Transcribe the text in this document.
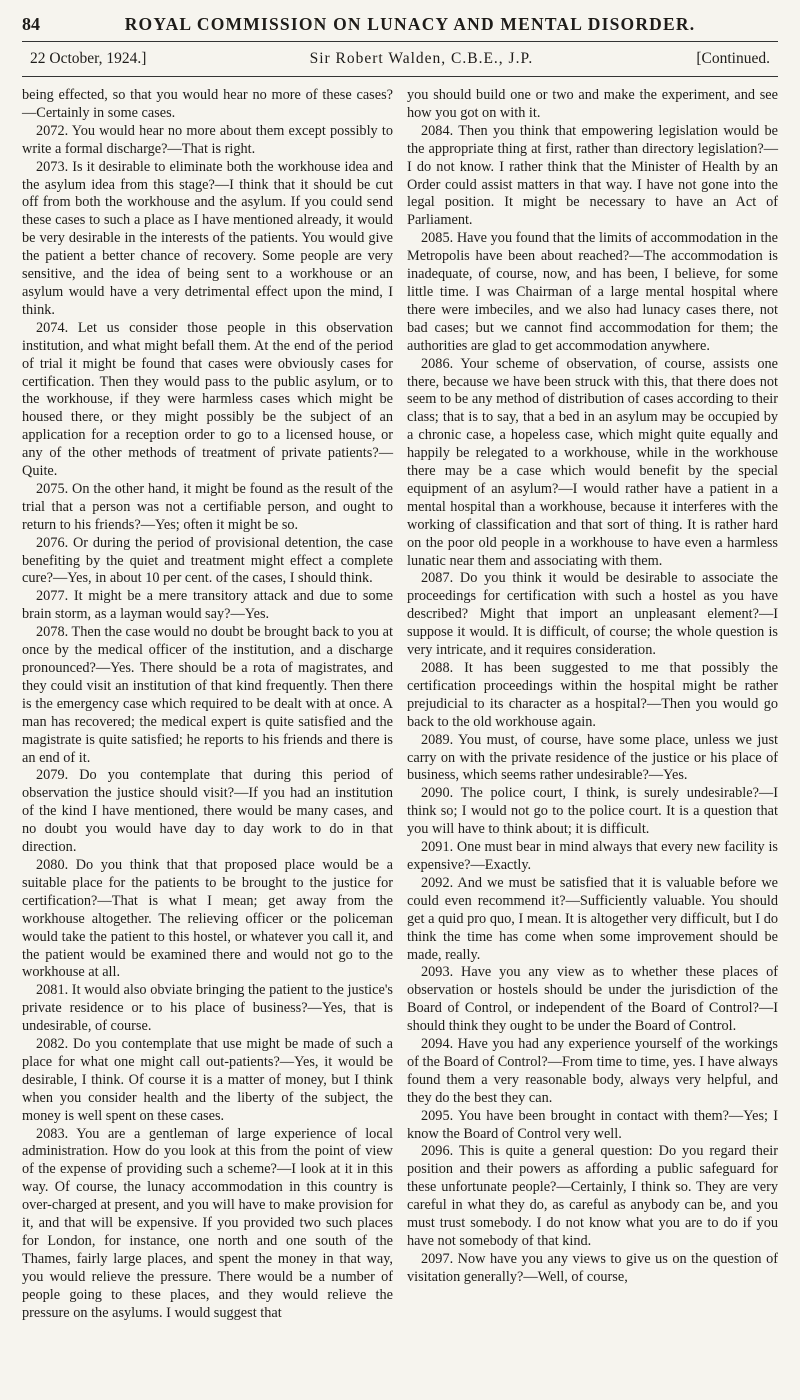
84	ROYAL COMMISSION ON LUNACY AND MENTAL DISORDER.
22 October, 1924.]	Sir Robert Walden, C.B.E., J.P.	[Continued.

being effected, so that you would hear no more of these cases?—Certainly in some cases.

2072. You would hear no more about them except possibly to write a formal discharge?—That is right.

2073. Is it desirable to eliminate both the workhouse idea and the asylum idea from this stage?—I think that it should be cut off from both the workhouse and the asylum. If you could send these cases to such a place as I have mentioned already, it would be very desirable in the interests of the patients. You would give the patient a better chance of recovery. Some people are very sensitive, and the idea of being sent to a workhouse or an asylum would have a very detrimental effect upon the mind, I think.

2074. Let us consider those people in this observation institution, and what might befall them. At the end of the period of trial it might be found that cases were obviously cases for certification. Then they would pass to the public asylum, or to the workhouse, if they were harmless cases which might be housed there, or they might possibly be the subject of an application for a reception order to go to a licensed house, or any of the other methods of treatment of private patients?—Quite.

2075. On the other hand, it might be found as the result of the trial that a person was not a certifiable person, and ought to return to his friends?—Yes; often it might be so.

2076. Or during the period of provisional detention, the case benefiting by the quiet and treatment might effect a complete cure?—Yes, in about 10 per cent. of the cases, I should think.

2077. It might be a mere transitory attack and due to some brain storm, as a layman would say?—Yes.

2078. Then the case would no doubt be brought back to you at once by the medical officer of the institution, and a discharge pronounced?—Yes. There should be a rota of magistrates, and they could visit an institution of that kind frequently. Then there is the emergency case which required to be dealt with at once. A man has recovered; the medical expert is quite satisfied and the magistrate is quite satisfied; he reports to his friends and there is an end of it.

2079. Do you contemplate that during this period of observation the justice should visit?—If you had an institution of the kind I have mentioned, there would be many cases, and no doubt you would have day to day work to do in that direction.

2080. Do you think that that proposed place would be a suitable place for the patients to be brought to the justice for certification?—That is what I mean; get away from the workhouse altogether. The relieving officer or the policeman would take the patient to this hostel, or whatever you call it, and the patient would be examined there and would not go to the workhouse at all.

2081. It would also obviate bringing the patient to the justice's private residence or to his place of business?—Yes, that is undesirable, of course.

2082. Do you contemplate that use might be made of such a place for what one might call out-patients?—Yes, it would be desirable, I think. Of course it is a matter of money, but I think when you consider health and the liberty of the subject, the money is well spent on these cases.

2083. You are a gentleman of large experience of local administration. How do you look at this from the point of view of the expense of providing such a scheme?—I look at it in this way. Of course, the lunacy accommodation in this country is over-charged at present, and you will have to make provision for it, and that will be expensive. If you provided two such places for London, for instance, one north and one south of the Thames, fairly large places, and spent the money in that way, you would relieve the pressure. There would be a number of people going to these places, and they would relieve the pressure on the asylums. I would suggest that

you should build one or two and make the experiment, and see how you got on with it.

2084. Then you think that empowering legislation would be the appropriate thing at first, rather than directory legislation?—I do not know. I rather think that the Minister of Health by an Order could assist matters in that way. I have not gone into the legal position. It might be necessary to have an Act of Parliament.

2085. Have you found that the limits of accommodation in the Metropolis have been about reached?—The accommodation is inadequate, of course, now, and has been, I believe, for some little time. I was Chairman of a large mental hospital where there were imbeciles, and we also had lunacy cases there, not bad cases; but we cannot find accommodation for them; the authorities are glad to get accommodation anywhere.

2086. Your scheme of observation, of course, assists one there, because we have been struck with this, that there does not seem to be any method of distribution of cases according to their class; that is to say, that a bed in an asylum may be occupied by a chronic case, a hopeless case, which might quite equally and happily be relegated to a workhouse, while in the workhouse there may be a case which would benefit by the special equipment of an asylum?—I would rather have a patient in a mental hospital than a workhouse, because it interferes with the working of classification and that sort of thing. It is rather hard on the poor old people in a workhouse to have even a harmless lunatic near them and associating with them.

2087. Do you think it would be desirable to associate the proceedings for certification with such a hostel as you have described? Might that import an unpleasant element?—I suppose it would. It is difficult, of course; the whole question is very intricate, and it requires consideration.

2088. It has been suggested to me that possibly the certification proceedings within the hospital might be rather prejudicial to its character as a hospital?—Then you would go back to the old workhouse again.

2089. You must, of course, have some place, unless we just carry on with the private residence of the justice or his place of business, which seems rather undesirable?—Yes.

2090. The police court, I think, is surely undesirable?—I think so; I would not go to the police court. It is a question that you will have to think about; it is difficult.

2091. One must bear in mind always that every new facility is expensive?—Exactly.

2092. And we must be satisfied that it is valuable before we could even recommend it?—Sufficiently valuable. You should get a quid pro quo, I mean. It is altogether very difficult, but I do think the time has come when some improvement should be made, really.

2093. Have you any view as to whether these places of observation or hostels should be under the jurisdiction of the Board of Control, or independent of the Board of Control?—I should think they ought to be under the Board of Control.

2094. Have you had any experience yourself of the workings of the Board of Control?—From time to time, yes. I have always found them a very reasonable body, always very helpful, and they do the best they can.

2095. You have been brought in contact with them?—Yes; I know the Board of Control very well.

2096. This is quite a general question: Do you regard their position and their powers as affording a public safeguard for these unfortunate people?—Certainly, I think so. They are very careful in what they do, as careful as anybody can be, and you must trust somebody. I do not know what you are to do if you have not somebody of that kind.

2097. Now have you any views to give us on the question of visitation generally?—Well, of course,
